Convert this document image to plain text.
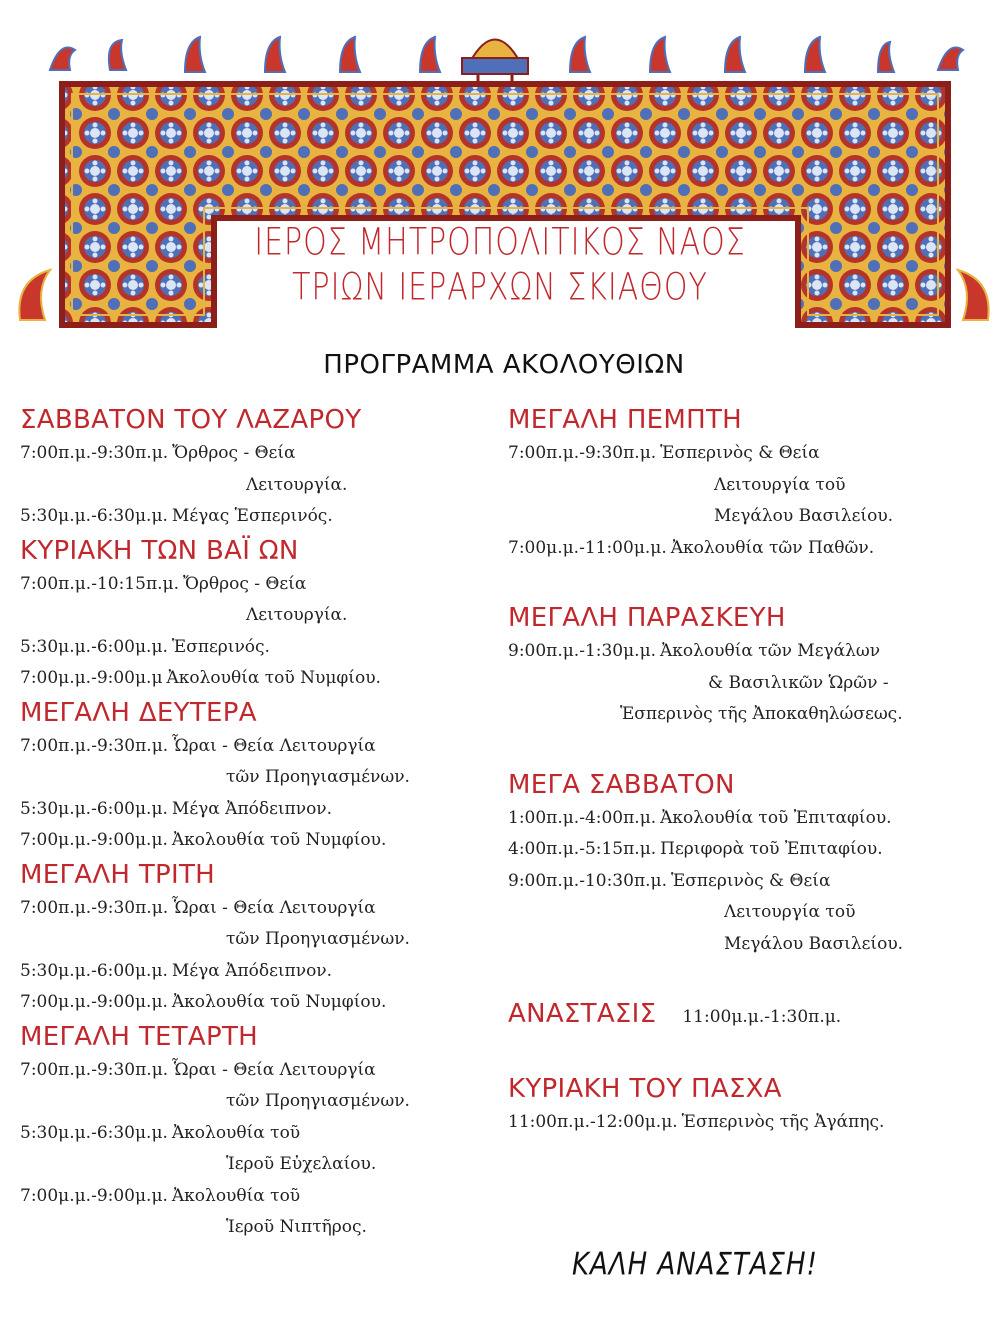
ΙΕΡΟΣ ΜΗΤΡΟΠΟΛΙΤΙΚΟΣ ΝΑΟΣ
ΤΡΙΩΝ ΙΕΡΑΡΧΩΝ ΣΚΙΑΘΟΥ
ΠΡΟΓΡΑΜΜΑ ΑΚΟΛΟΥΘΙΩΝ
ΣΑΒΒΑΤΟΝ ΤΟΥ ΛΑΖΑΡΟΥ
7:00π.μ.-9:30π.μ. Ὄρθρος - Θεία
Λειτουργία.
5:30μ.μ.-6:30μ.μ. Μέγας Ἑσπερινός.
ΚΥΡΙΑΚΗ ΤΩΝ ΒΑΪ ΩΝ
7:00π.μ.-10:15π.μ. Ὄρθρος - Θεία
Λειτουργία.
5:30μ.μ.-6:00μ.μ. Ἑσπερινός.
7:00μ.μ.-9:00μ.μ Ἀκολουθία τοῦ Νυμφίου.
ΜΕΓΑΛΗ ΔΕΥΤΕΡΑ
7:00π.μ.-9:30π.μ. Ὧραι - Θεία Λειτουργία
τῶν Προηγιασμένων.
5:30μ.μ.-6:00μ.μ. Μέγα Ἀπόδειπνον.
7:00μ.μ.-9:00μ.μ. Ἀκολουθία τοῦ Νυμφίου.
ΜΕΓΑΛΗ ΤΡΙΤΗ
7:00π.μ.-9:30π.μ. Ὧραι - Θεία Λειτουργία
τῶν Προηγιασμένων.
5:30μ.μ.-6:00μ.μ. Μέγα Ἀπόδειπνον.
7:00μ.μ.-9:00μ.μ. Ἀκολουθία τοῦ Νυμφίου.
ΜΕΓΑΛΗ ΤΕΤΑΡΤΗ
7:00π.μ.-9:30π.μ. Ὧραι - Θεία Λειτουργία
τῶν Προηγιασμένων.
5:30μ.μ.-6:30μ.μ. Ἀκολουθία τοῦ
Ἱεροῦ Εὐχελαίου.
7:00μ.μ.-9:00μ.μ. Ἀκολουθία τοῦ
Ἱεροῦ Νιπτῆρος.
ΜΕΓΑΛΗ ΠΕΜΠΤΗ
7:00π.μ.-9:30π.μ. Ἑσπερινὸς & Θεία
Λειτουργία τοῦ
Μεγάλου Βασιλείου.
7:00μ.μ.-11:00μ.μ. Ἀκολουθία τῶν Παθῶν.
ΜΕΓΑΛΗ ΠΑΡΑΣΚΕΥΗ
9:00π.μ.-1:30μ.μ. Ἀκολουθία τῶν Μεγάλων
& Βασιλικῶν Ὡρῶν -
Ἑσπερινὸς τῆς Ἀποκαθηλώσεως.
ΜΕΓΑ ΣΑΒΒΑΤΟΝ
1:00π.μ.-4:00π.μ. Ἀκολουθία τοῦ Ἐπιταφίου.
4:00π.μ.-5:15π.μ. Περιφορὰ τοῦ Ἐπιταφίου.
9:00π.μ.-10:30π.μ. Ἑσπερινὸς & Θεία
Λειτουργία τοῦ
Μεγάλου Βασιλείου.
ΑΝΑΣΤΑΣΙΣ 11:00μ.μ.-1:30π.μ.
ΚΥΡΙΑΚΗ ΤΟΥ ΠΑΣΧΑ
11:00π.μ.-12:00μ.μ. Ἑσπερινὸς τῆς Ἀγάπης.
ΚΑΛΗ ΑΝΑΣΤΑΣΗ!
